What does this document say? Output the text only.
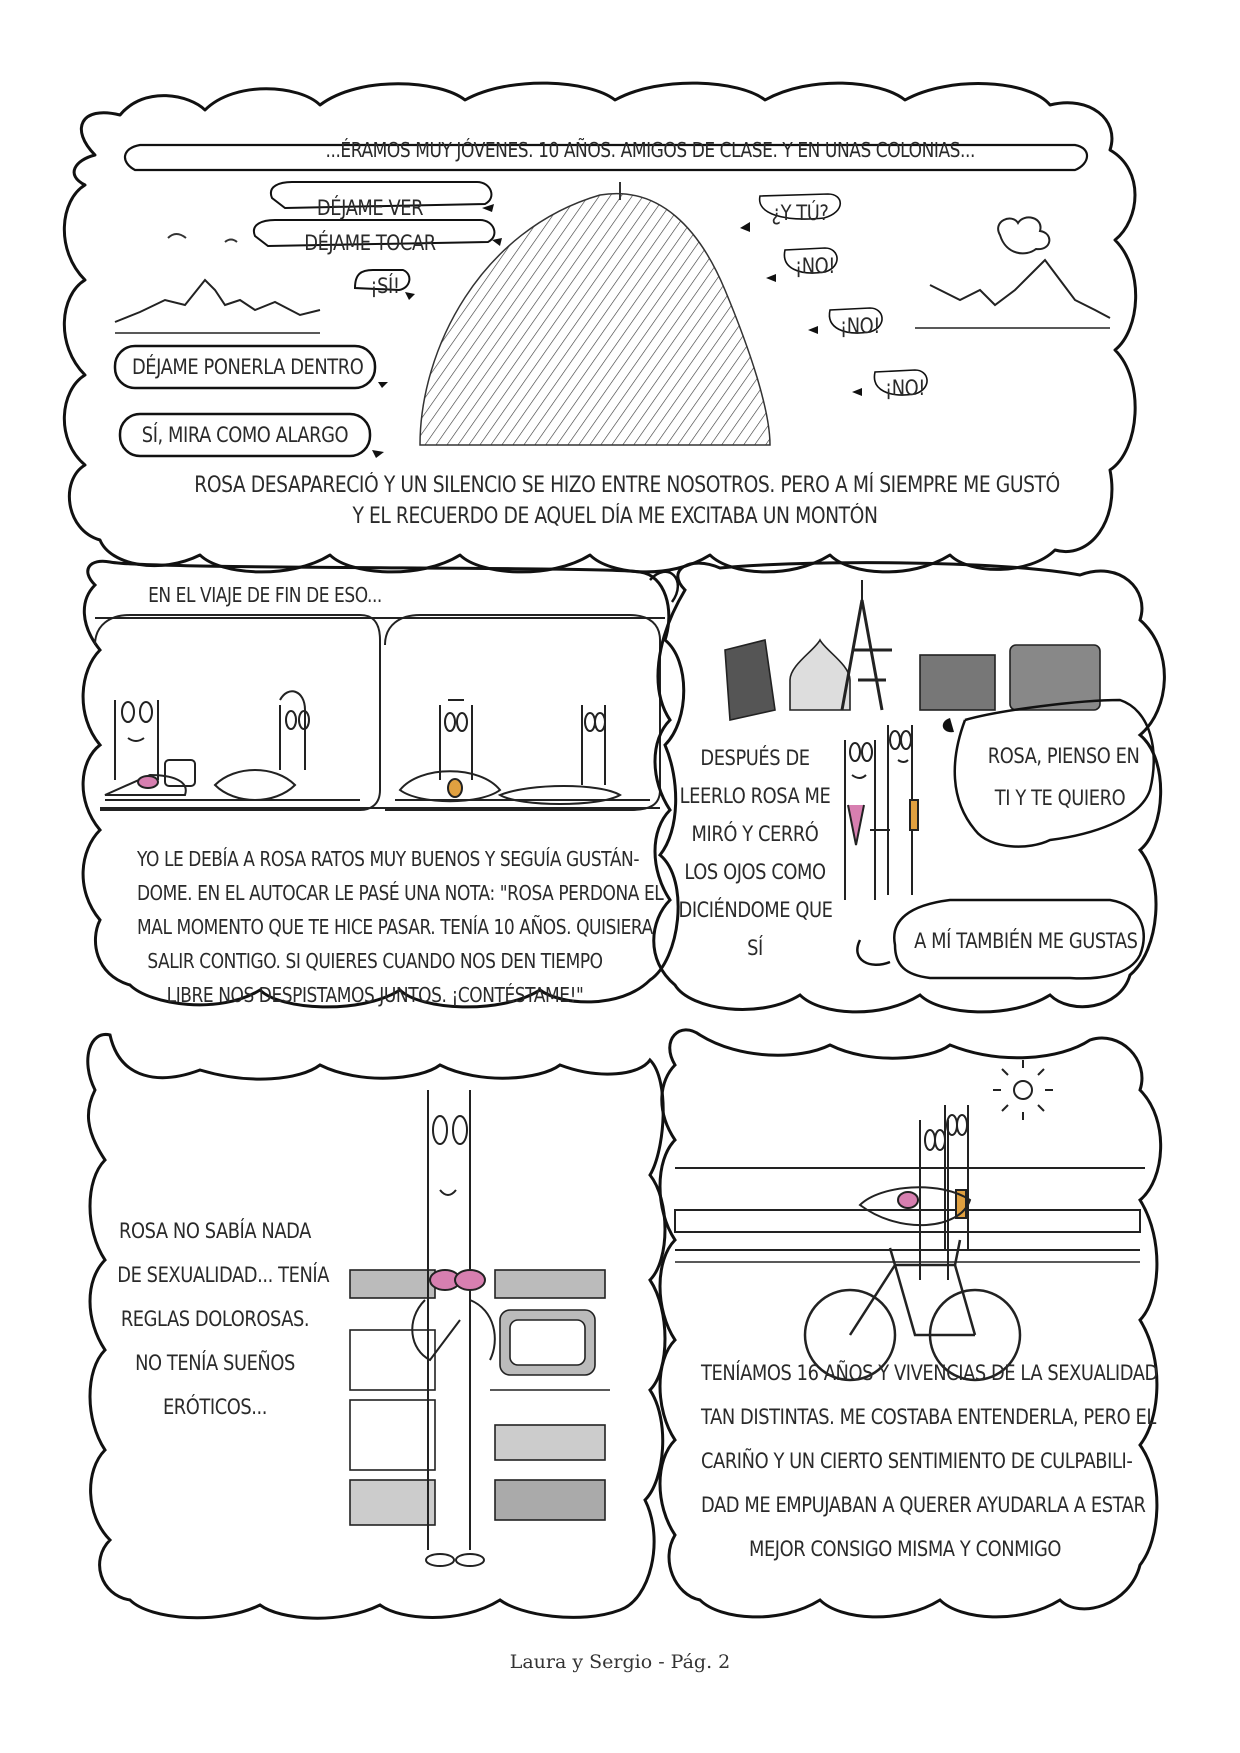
...ÉRAMOS MUY JÓVENES. 10 AÑOS. AMIGOS DE CLASE. Y EN UNAS COLONIAS...
DÉJAME VER
DÉJAME TOCAR
¡SÍ!
DÉJAME PONERLA DENTRO
SÍ, MIRA COMO ALARGO
¿Y TÚ?
¡NO!
¡NO!
¡NO!
ROSA DESAPARECIÓ Y UN SILENCIO SE HIZO ENTRE NOSOTROS. PERO A MÍ SIEMPRE ME GUSTÓ
Y EL RECUERDO DE AQUEL DÍA ME EXCITABA UN MONTÓN
EN EL VIAJE DE FIN DE ESO...
YO LE DEBÍA A ROSA RATOS MUY BUENOS Y SEGUÍA GUSTÁN-
DOME. EN EL AUTOCAR LE PASÉ UNA NOTA: "ROSA PERDONA EL
MAL MOMENTO QUE TE HICE PASAR. TENÍA 10 AÑOS. QUISIERA
SALIR CONTIGO. SI QUIERES CUANDO NOS DEN TIEMPO
LIBRE NOS DESPISTAMOS JUNTOS. ¡CONTÉSTAME!"
DESPUÉS DE
LEERLO ROSA ME
MIRÓ Y CERRÓ
LOS OJOS COMO
DICIÉNDOME QUE
SÍ
ROSA, PIENSO EN
TI Y TE QUIERO
A MÍ TAMBIÉN ME GUSTAS
ROSA NO SABÍA NADA
DE SEXUALIDAD... TENÍA
REGLAS DOLOROSAS.
NO TENÍA SUEÑOS
ERÓTICOS...
TENÍAMOS 16 AÑOS Y VIVENCIAS DE LA SEXUALIDAD
TAN DISTINTAS. ME COSTABA ENTENDERLA, PERO EL
CARIÑO Y UN CIERTO SENTIMIENTO DE CULPABILI-
DAD ME EMPUJABAN A QUERER AYUDARLA A ESTAR
MEJOR CONSIGO MISMA Y CONMIGO
Laura y Sergio - Pág. 2
